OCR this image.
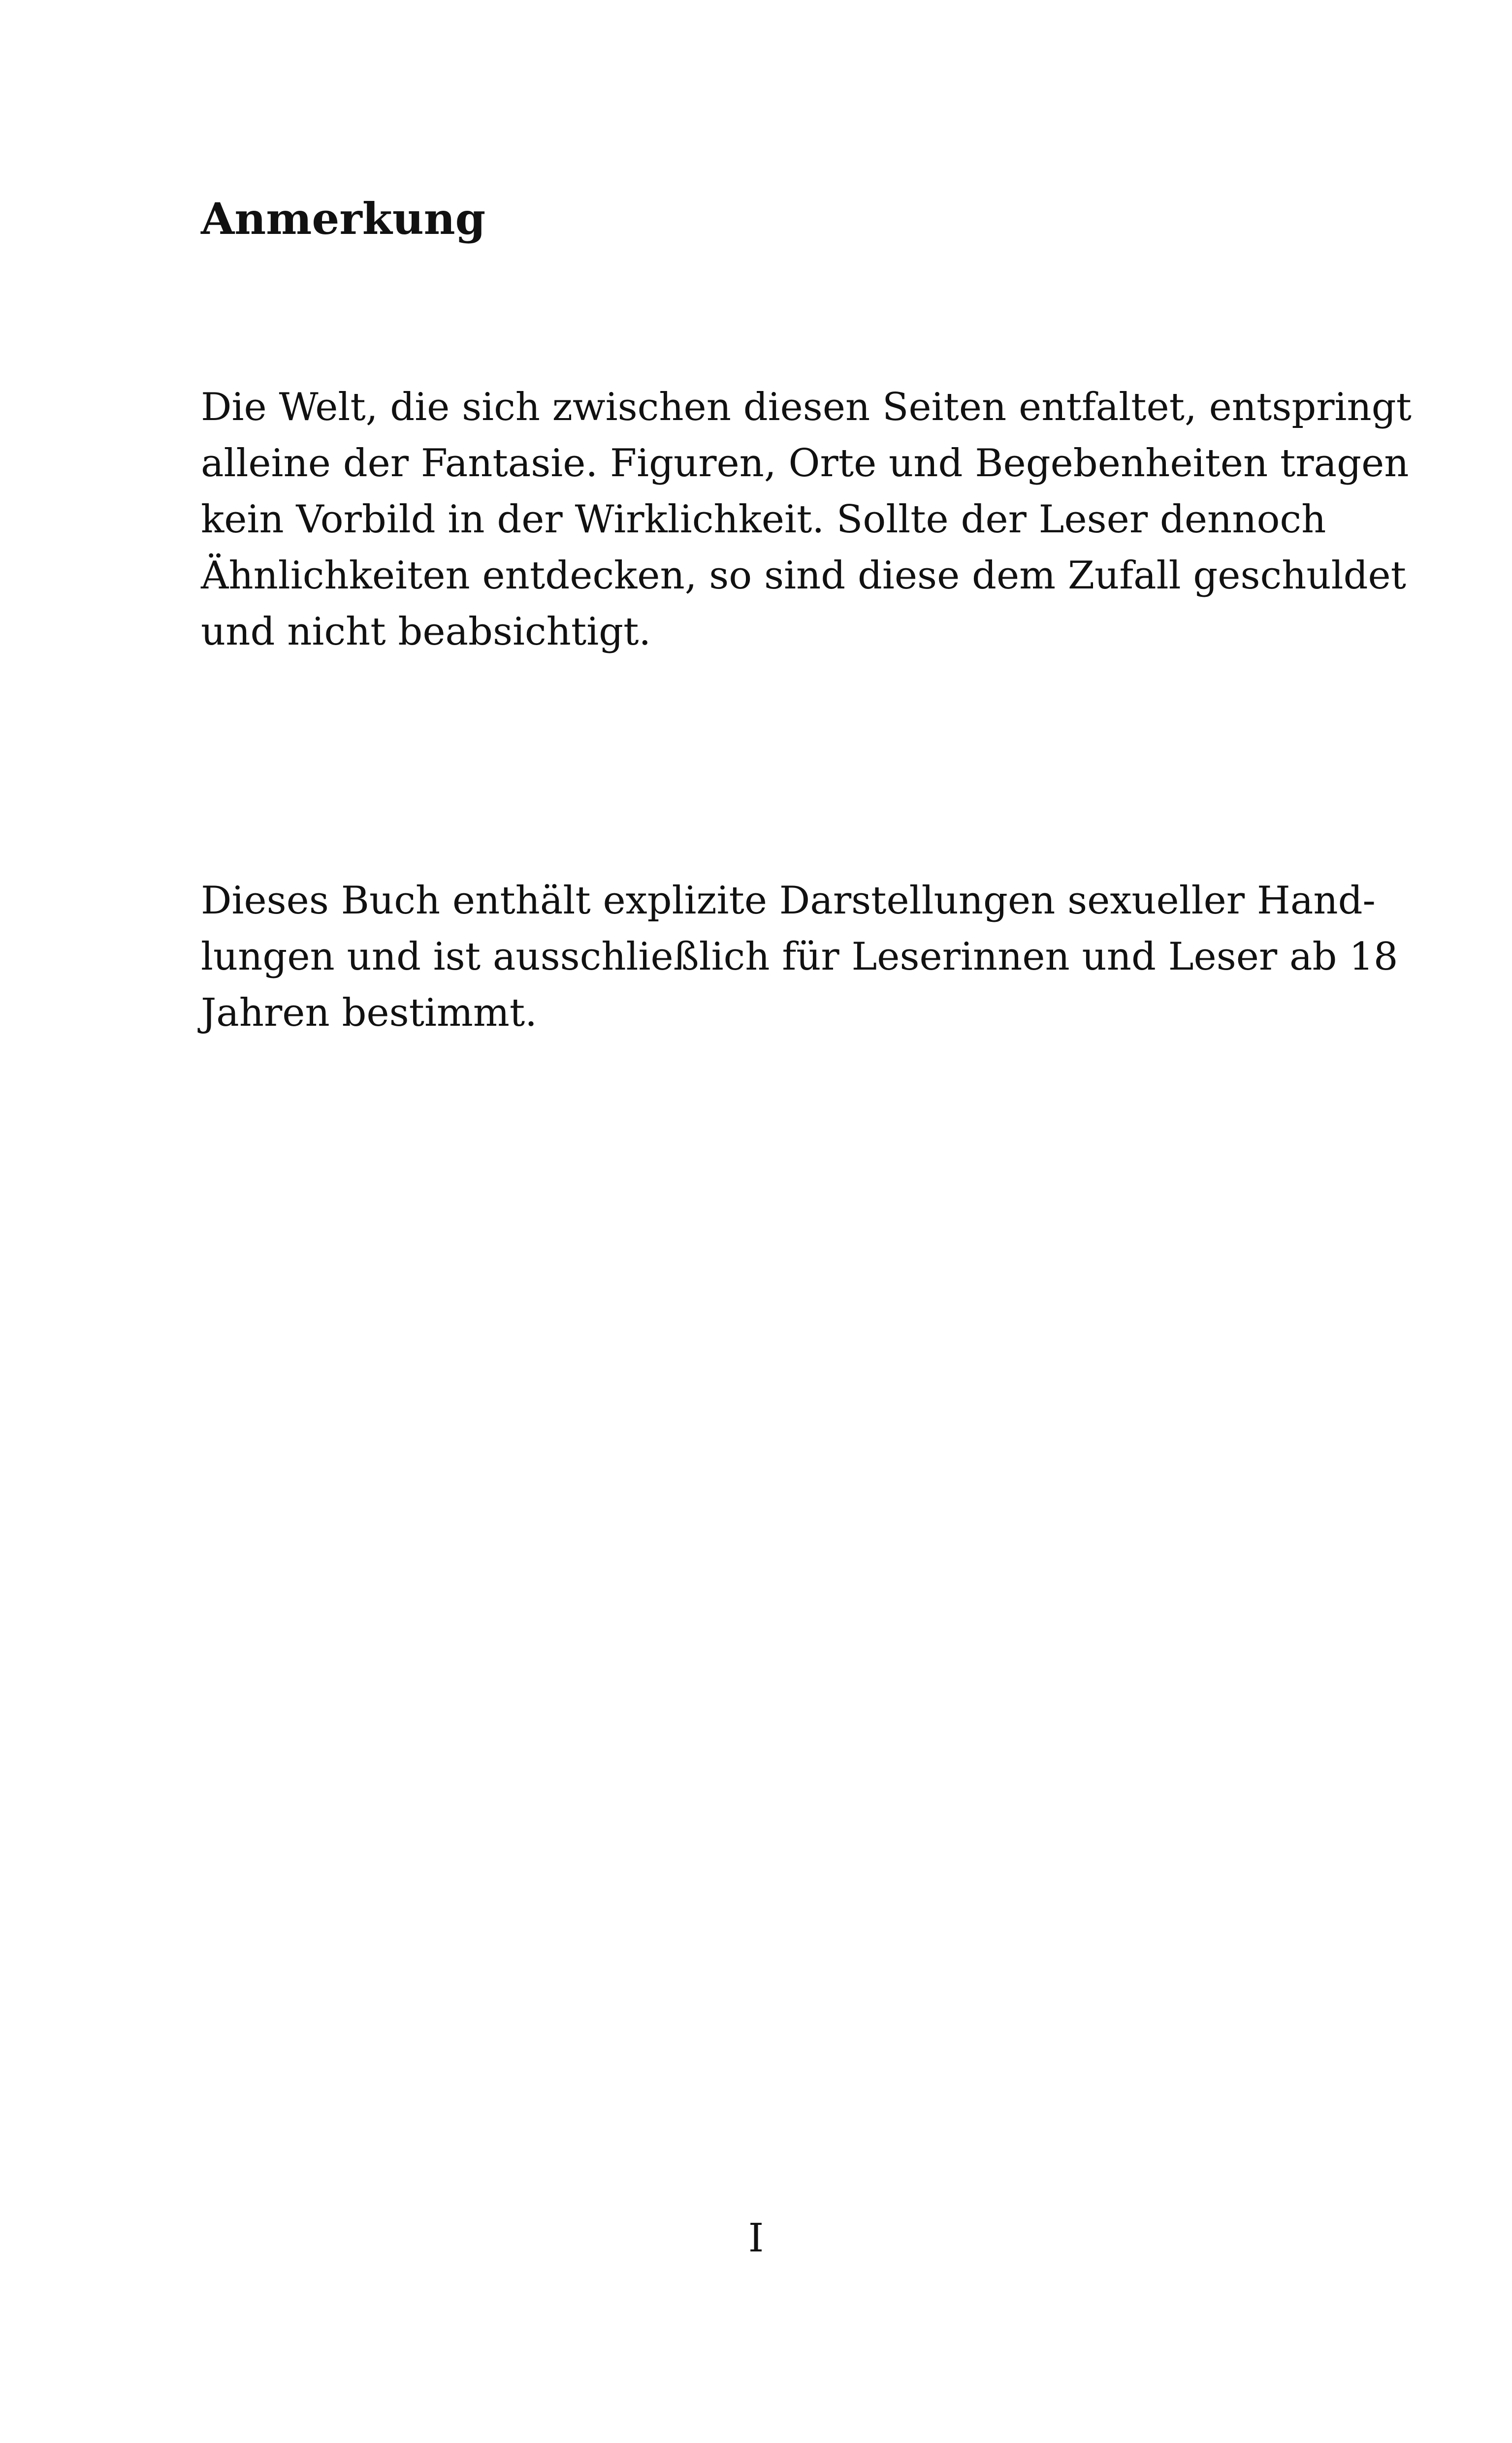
Anmerkung

Die Welt, die sich zwischen diesen Seiten entfaltet, entspringt
alleine der Fantasie. Figuren, Orte und Begebenheiten tragen
kein Vorbild in der Wirklichkeit. Sollte der Leser dennoch
Ähnlichkeiten entdecken, so sind diese dem Zufall geschuldet
und nicht beabsichtigt.

Dieses Buch enthält explizite Darstellungen sexueller Hand-
lungen und ist ausschließlich für Leserinnen und Leser ab 18
Jahren bestimmt.

I
